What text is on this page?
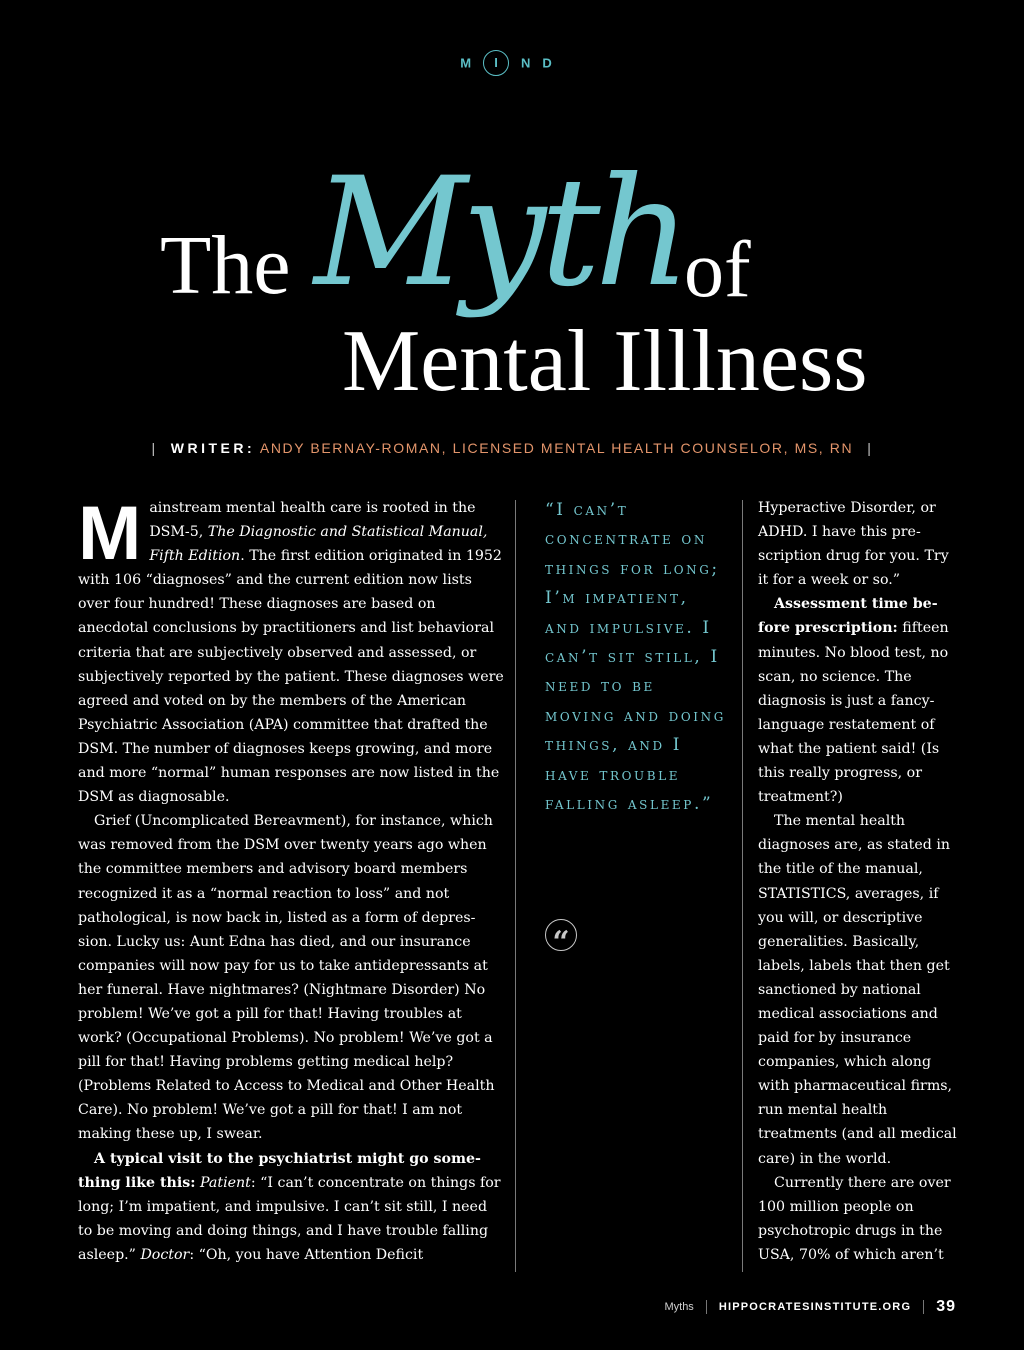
M I ND
Myth
The	of
Mental Illlness
| WRITER: ANDY BERNAY-ROMAN, LICENSED MENTAL HEALTH COUNSELOR, MS, RN |

Mainstream mental health care is rooted in the DSM-5, The Diagnostic and Statistical Manual, Fifth Edition. The first edition originated in 1952 with 106 “diagnoses” and the current edition now lists over four hundred! These diagnoses are based on anecdotal conclusions by practitioners and list behavioral criteria that are subjectively observed and assessed, or subjectively reported by the patient. These diagnoses were agreed and voted on by the members of the American Psychiatric Association (APA) committee that drafted the DSM. The number of diagnoses keeps growing, and more and more “normal” human responses are now listed in the DSM as diagnosable.

Grief (Uncomplicated Bereavment), for instance, which was removed from the DSM over twenty years ago when the committee members and advisory board members recognized it as a “normal reaction to loss” and not pathological, is now back in, listed as a form of depression. Lucky us: Aunt Edna has died, and our insurance companies will now pay for us to take antidepressants at her funeral. Have nightmares? (Nightmare Disorder) No problem! We’ve got a pill for that! Having troubles at work? (Occupational Problems). No problem! We’ve got a pill for that! Having problems getting medical help? (Problems Related to Access to Medical and Other Health Care). No problem! We’ve got a pill for that! I am not making these up, I swear.

A typical visit to the psychiatrist might go something like this: Patient: “I can’t concentrate on things for long; I’m impatient, and impulsive. I can’t sit still, I need to be moving and doing things, and I have trouble falling asleep.” Doctor: “Oh, you have Attention Deficit

“I can’t concentrate on things for long; I’m impatient, and impulsive. I can’t sit still, I need to be moving and doing things, and I have trouble falling asleep.”
“

Hyperactive Disorder, or ADHD. I have this prescription drug for you. Try it for a week or so.”

Assessment time before prescription: fifteen minutes. No blood test, no scan, no science. The diagnosis is just a fancy-language restatement of what the patient said! (Is this really progress, or treatment?)

The mental health diagnoses are, as stated in the title of the manual, STATISTICS, averages, if you will, or descriptive generalities. Basically, labels, labels that then get sanctioned by national medical associations and paid for by insurance companies, which along with pharmaceutical firms, run mental health treatments (and all medical care) in the world.

Currently there are over 100 million people on psychotropic drugs in the USA, 70% of which aren’t

Myths HIPPOCRATESINSTITUTE.ORG 39
